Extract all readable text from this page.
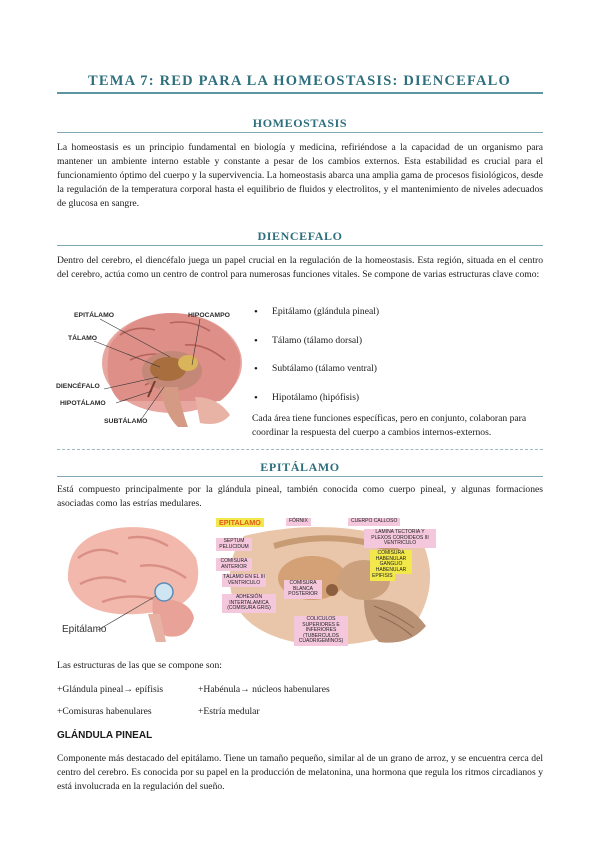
TEMA 7: RED PARA LA HOMEOSTASIS: DIENCEFALO
HOMEOSTASIS

La homeostasis es un principio fundamental en biología y medicina, refiriéndose a la capacidad de un organismo para mantener un ambiente interno estable y constante a pesar de los cambios externos. Esta estabilidad es crucial para el funcionamiento óptimo del cuerpo y la supervivencia. La homeostasis abarca una amplia gama de procesos fisiológicos, desde la regulación de la temperatura corporal hasta el equilibrio de fluidos y electrolitos, y el mantenimiento de niveles adecuados de glucosa en sangre.

DIENCEFALO

Dentro del cerebro, el diencéfalo juega un papel crucial en la regulación de la homeostasis. Esta región, situada en el centro del cerebro, actúa como un centro de control para numerosas funciones vitales. Se compone de varias estructuras clave como:

EPITÁLAMO	HIPOCAMPO
TÁLAMO
DIENCÉFALO
HIPOTÁLAMO
SUBTÁLAMO
• Epitálamo (glándula pineal)
• Tálamo (tálamo dorsal)
• Subtálamo (tálamo ventral)
• Hipotálamo (hipófisis)

Cada área tiene funciones específicas, pero en conjunto, colaboran para coordinar la respuesta del cuerpo a cambios internos-externos.

EPITÁLAMO

Está compuesto principalmente por la glándula pineal, también conocida como cuerpo pineal, y algunas formaciones asociadas como las estrías medulares.

Epitálamo
EPITALAMO	FÓRNIX	CUERPO CALLOSO
SEPTUM PELUCIDUM
LAMINA TECTORIA Y PLEXOS COROIDEOS III VENTRICULO
COMISURA ANTERIOR
COMISURA HABENULAR GANGLIO HABENULAR
EPIFISIS
TÁLAMO EN EL III VENTRICULO	COMISURA BLANCA POSTERIOR
ADHESIÓN INTERTALAMICA (COMISURA GRIS)
COLICULOS SUPERIORES E INFERIORES (TUBERCULOS CUADRIGEMINOS)
Las estructuras de las que se compone son:
+Glándula pineal→ epífisis	+Habénula→ núcleos habenulares
+Comisuras habenulares	+Estría medular
GLÁNDULA PINEAL

Componente más destacado del epitálamo. Tiene un tamaño pequeño, similar al de un grano de arroz, y se encuentra cerca del centro del cerebro. Es conocida por su papel en la producción de melatonina, una hormona que regula los ritmos circadianos y está involucrada en la regulación del sueño.
